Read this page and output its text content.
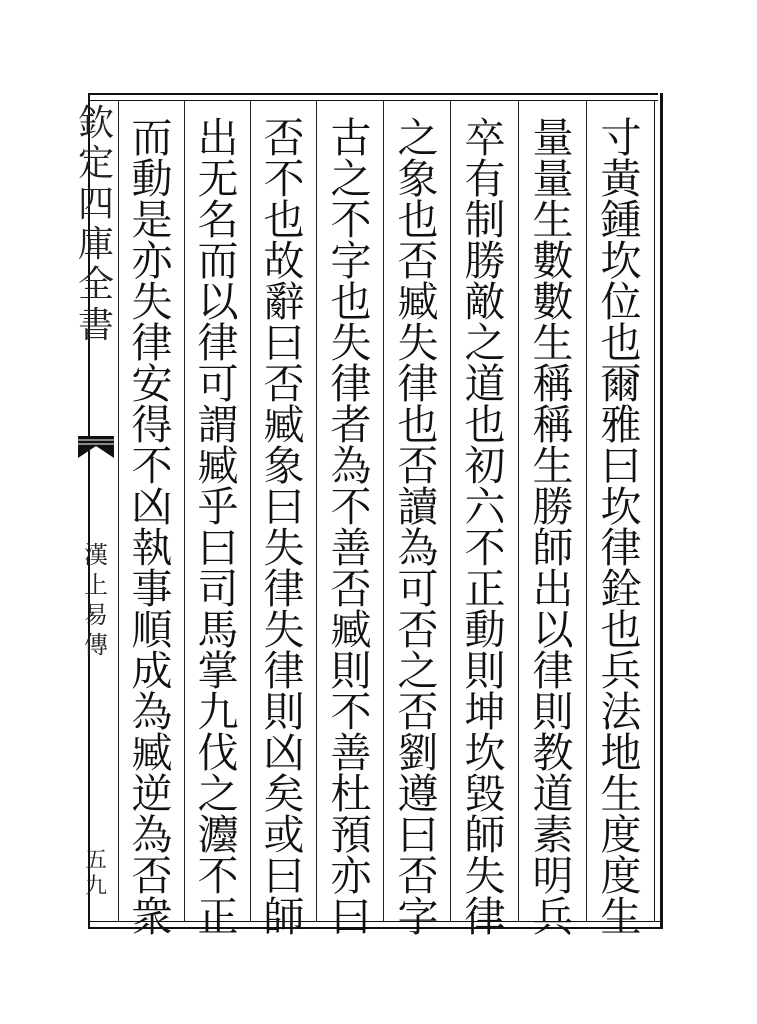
欽
定
四
庫
全
書
漢
上
易
傳
五
九
寸
黃
鍾
坎
位
也
爾
雅
曰
坎
律
銓
也
兵
法
地
生
度
度
生
量
量
生
數
數
生
稱
稱
生
勝
師
出
以
律
則
教
道
素
明
兵
卒
有
制
勝
敵
之
道
也
初
六
不
正
動
則
坤
坎
毀
師
失
律
之
象
也
否
臧
失
律
也
否
讀
為
可
否
之
否
劉
遵
曰
否
字
古
之
不
字
也
失
律
者
為
不
善
否
臧
則
不
善
杜
預
亦
曰
否
不
也
故
辭
曰
否
臧
象
曰
失
律
失
律
則
凶
矣
或
曰
師
出
无
名
而
以
律
可
謂
臧
乎
曰
司
馬
掌
九
伐
之
灋
不
正
而
動
是
亦
失
律
安
得
不
凶
執
事
順
成
為
臧
逆
為
否
衆
